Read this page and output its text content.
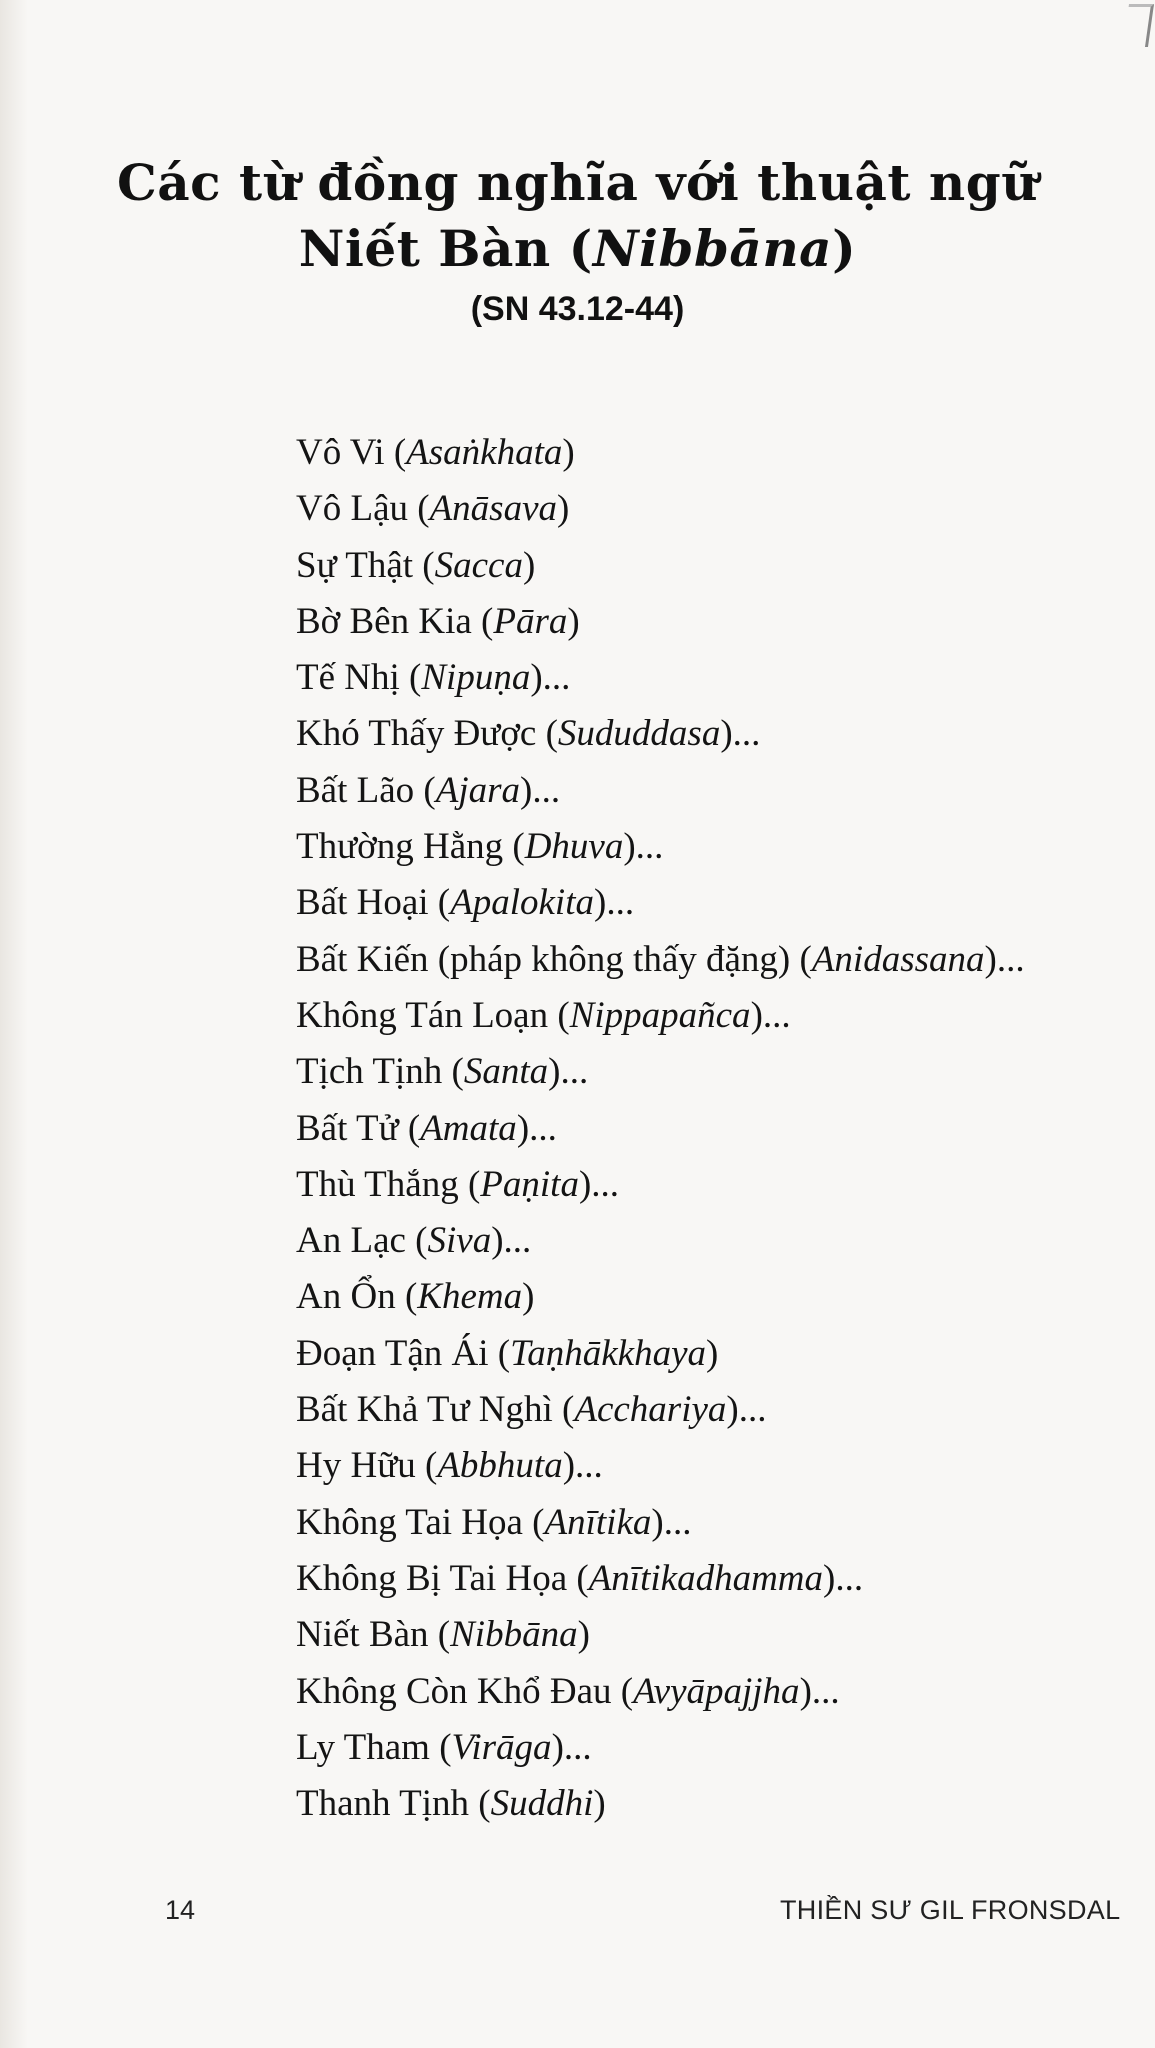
Các từ đồng nghĩa với thuật ngữ
Niết Bàn (Nibbāna)
(SN 43.12-44)
Vô Vi (Asaṅkhata)
Vô Lậu (Anāsava)
Sự Thật (Sacca)
Bờ Bên Kia (Pāra)
Tế Nhị (Nipuṇa)...
Khó Thấy Được (Sududdasa)...
Bất Lão (Ajara)...
Thường Hằng (Dhuva)...
Bất Hoại (Apalokita)...
Bất Kiến (pháp không thấy đặng) (Anidassana)...
Không Tán Loạn (Nippapañca)...
Tịch Tịnh (Santa)...
Bất Tử (Amata)...
Thù Thắng (Paṇita)...
An Lạc (Siva)...
An Ổn (Khema)
Đoạn Tận Ái (Taṇhākkhaya)
Bất Khả Tư Nghì (Acchariya)...
Hy Hữu (Abbhuta)...
Không Tai Họa (Anītika)...
Không Bị Tai Họa (Anītikadhamma)...
Niết Bàn (Nibbāna)
Không Còn Khổ Đau (Avyāpajjha)...
Ly Tham (Virāga)...
Thanh Tịnh (Suddhi)
14	THIỀN SƯ GIL FRONSDAL
